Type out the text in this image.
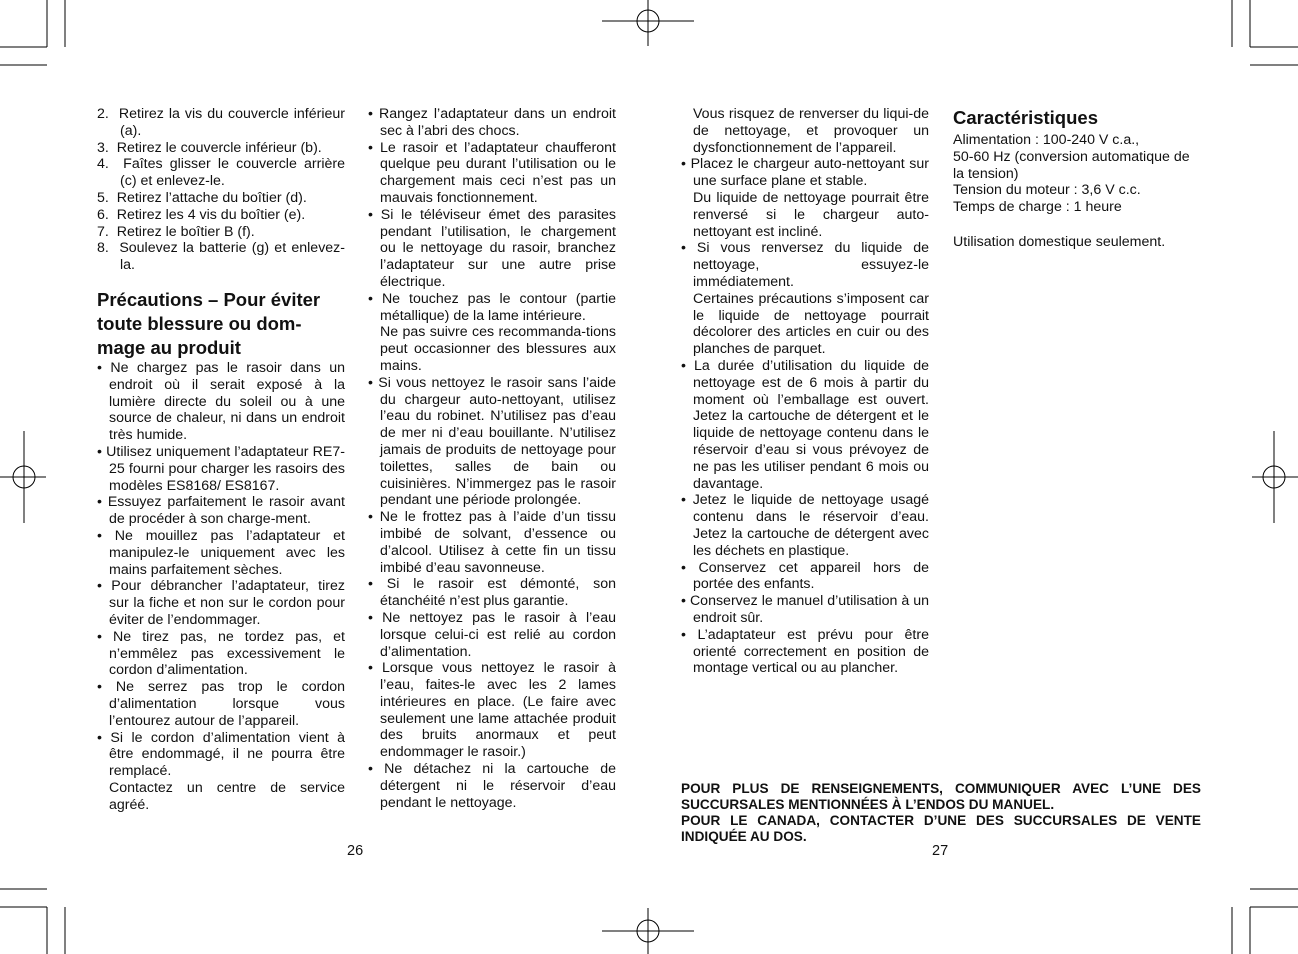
2. Retirez la vis du couvercle inférieur (a).
3. Retirez le couvercle inférieur (b).
4. Faîtes glisser le couvercle arrière (c) et enlevez-le.
5. Retirez l’attache du boîtier (d).
6. Retirez les 4 vis du boîtier (e).
7. Retirez le boîtier B (f).
8. Soulevez la batterie (g) et enlevez-la.
Précautions – Pour éviter toute blessure ou dom-mage au produit
• Ne chargez pas le rasoir dans un endroit où il serait exposé à la lumière directe du soleil ou à une source de chaleur, ni dans un endroit très humide.
• Utilisez uniquement l’adaptateur RE7-25 fourni pour charger les rasoirs des modèles ES8168/ ES8167.
• Essuyez parfaitement le rasoir avant de procéder à son charge-ment.
• Ne mouillez pas l’adaptateur et manipulez-le uniquement avec les mains parfaitement sèches.
• Pour débrancher l’adaptateur, tirez sur la fiche et non sur le cordon pour éviter de l’endommager.
• Ne tirez pas, ne tordez pas, et n’emmêlez pas excessivement le cordon d’alimentation.
• Ne serrez pas trop le cordon d’alimentation lorsque vous l’entourez autour de l’appareil.
• Si le cordon d’alimentation vient à être endommagé, il ne pourra être remplacé.
Contactez un centre de service agréé.
• Rangez l’adaptateur dans un endroit sec à l’abri des chocs.
• Le rasoir et l’adaptateur chaufferont quelque peu durant l’utilisation ou le chargement mais ceci n’est pas un mauvais fonctionnement.
• Si le téléviseur émet des parasites pendant l’utilisation, le chargement ou le nettoyage du rasoir, branchez l’adaptateur sur une autre prise électrique.
• Ne touchez pas le contour (partie métallique) de la lame intérieure.
Ne pas suivre ces recommanda-tions peut occasionner des blessures aux mains.
• Si vous nettoyez le rasoir sans l’aide du chargeur auto-nettoyant, utilisez l’eau du robinet. N’utilisez pas d’eau de mer ni d’eau bouillante. N’utilisez jamais de produits de nettoyage pour toilettes, salles de bain ou cuisinières. N’immergez pas le rasoir pendant une période prolongée.
• Ne le frottez pas à l’aide d’un tissu imbibé de solvant, d’essence ou d’alcool. Utilisez à cette fin un tissu imbibé d’eau savonneuse.
• Si le rasoir est démonté, son étanchéité n’est plus garantie.
• Ne nettoyez pas le rasoir à l’eau lorsque celui-ci est relié au cordon d’alimentation.
• Lorsque vous nettoyez le rasoir à l’eau, faites-le avec les 2 lames intérieures en place. (Le faire avec seulement une lame attachée produit des bruits anormaux et peut endommager le rasoir.)
• Ne détachez ni la cartouche de détergent ni le réservoir d’eau pendant le nettoyage.
26
Vous risquez de renverser du liqui-de de nettoyage, et provoquer un dysfonctionnement de l’appareil.
• Placez le chargeur auto-nettoyant sur une surface plane et stable.
Du liquide de nettoyage pourrait être renversé si le chargeur auto-nettoyant est incliné.
• Si vous renversez du liquide de nettoyage, essuyez-le immédiatement.
Certaines précautions s’imposent car le liquide de nettoyage pourrait décolorer des articles en cuir ou des planches de parquet.
• La durée d’utilisation du liquide de nettoyage est de 6 mois à partir du moment où l’emballage est ouvert. Jetez la cartouche de détergent et le liquide de nettoyage contenu dans le réservoir d’eau si vous prévoyez de ne pas les utiliser pendant 6 mois ou davantage.
• Jetez le liquide de nettoyage usagé contenu dans le réservoir d’eau. Jetez la cartouche de détergent avec les déchets en plastique.
• Conservez cet appareil hors de portée des enfants.
• Conservez le manuel d’utilisation à un endroit sûr.
• L’adaptateur est prévu pour être orienté correctement en position de montage vertical ou au plancher.
Caractéristiques
Alimentation : 100-240 V c.a.,
50-60 Hz (conversion automatique de la tension)
Tension du moteur : 3,6 V c.c.
Temps de charge : 1 heure
Utilisation domestique seulement.
POUR PLUS DE RENSEIGNEMENTS, COMMUNIQUER AVEC L’UNE DES SUCCURSALES MENTIONNÉES À L’ENDOS DU MANUEL.
POUR LE CANADA, CONTACTER D’UNE DES SUCCURSALES DE VENTE INDIQUÉE AU DOS.
27
